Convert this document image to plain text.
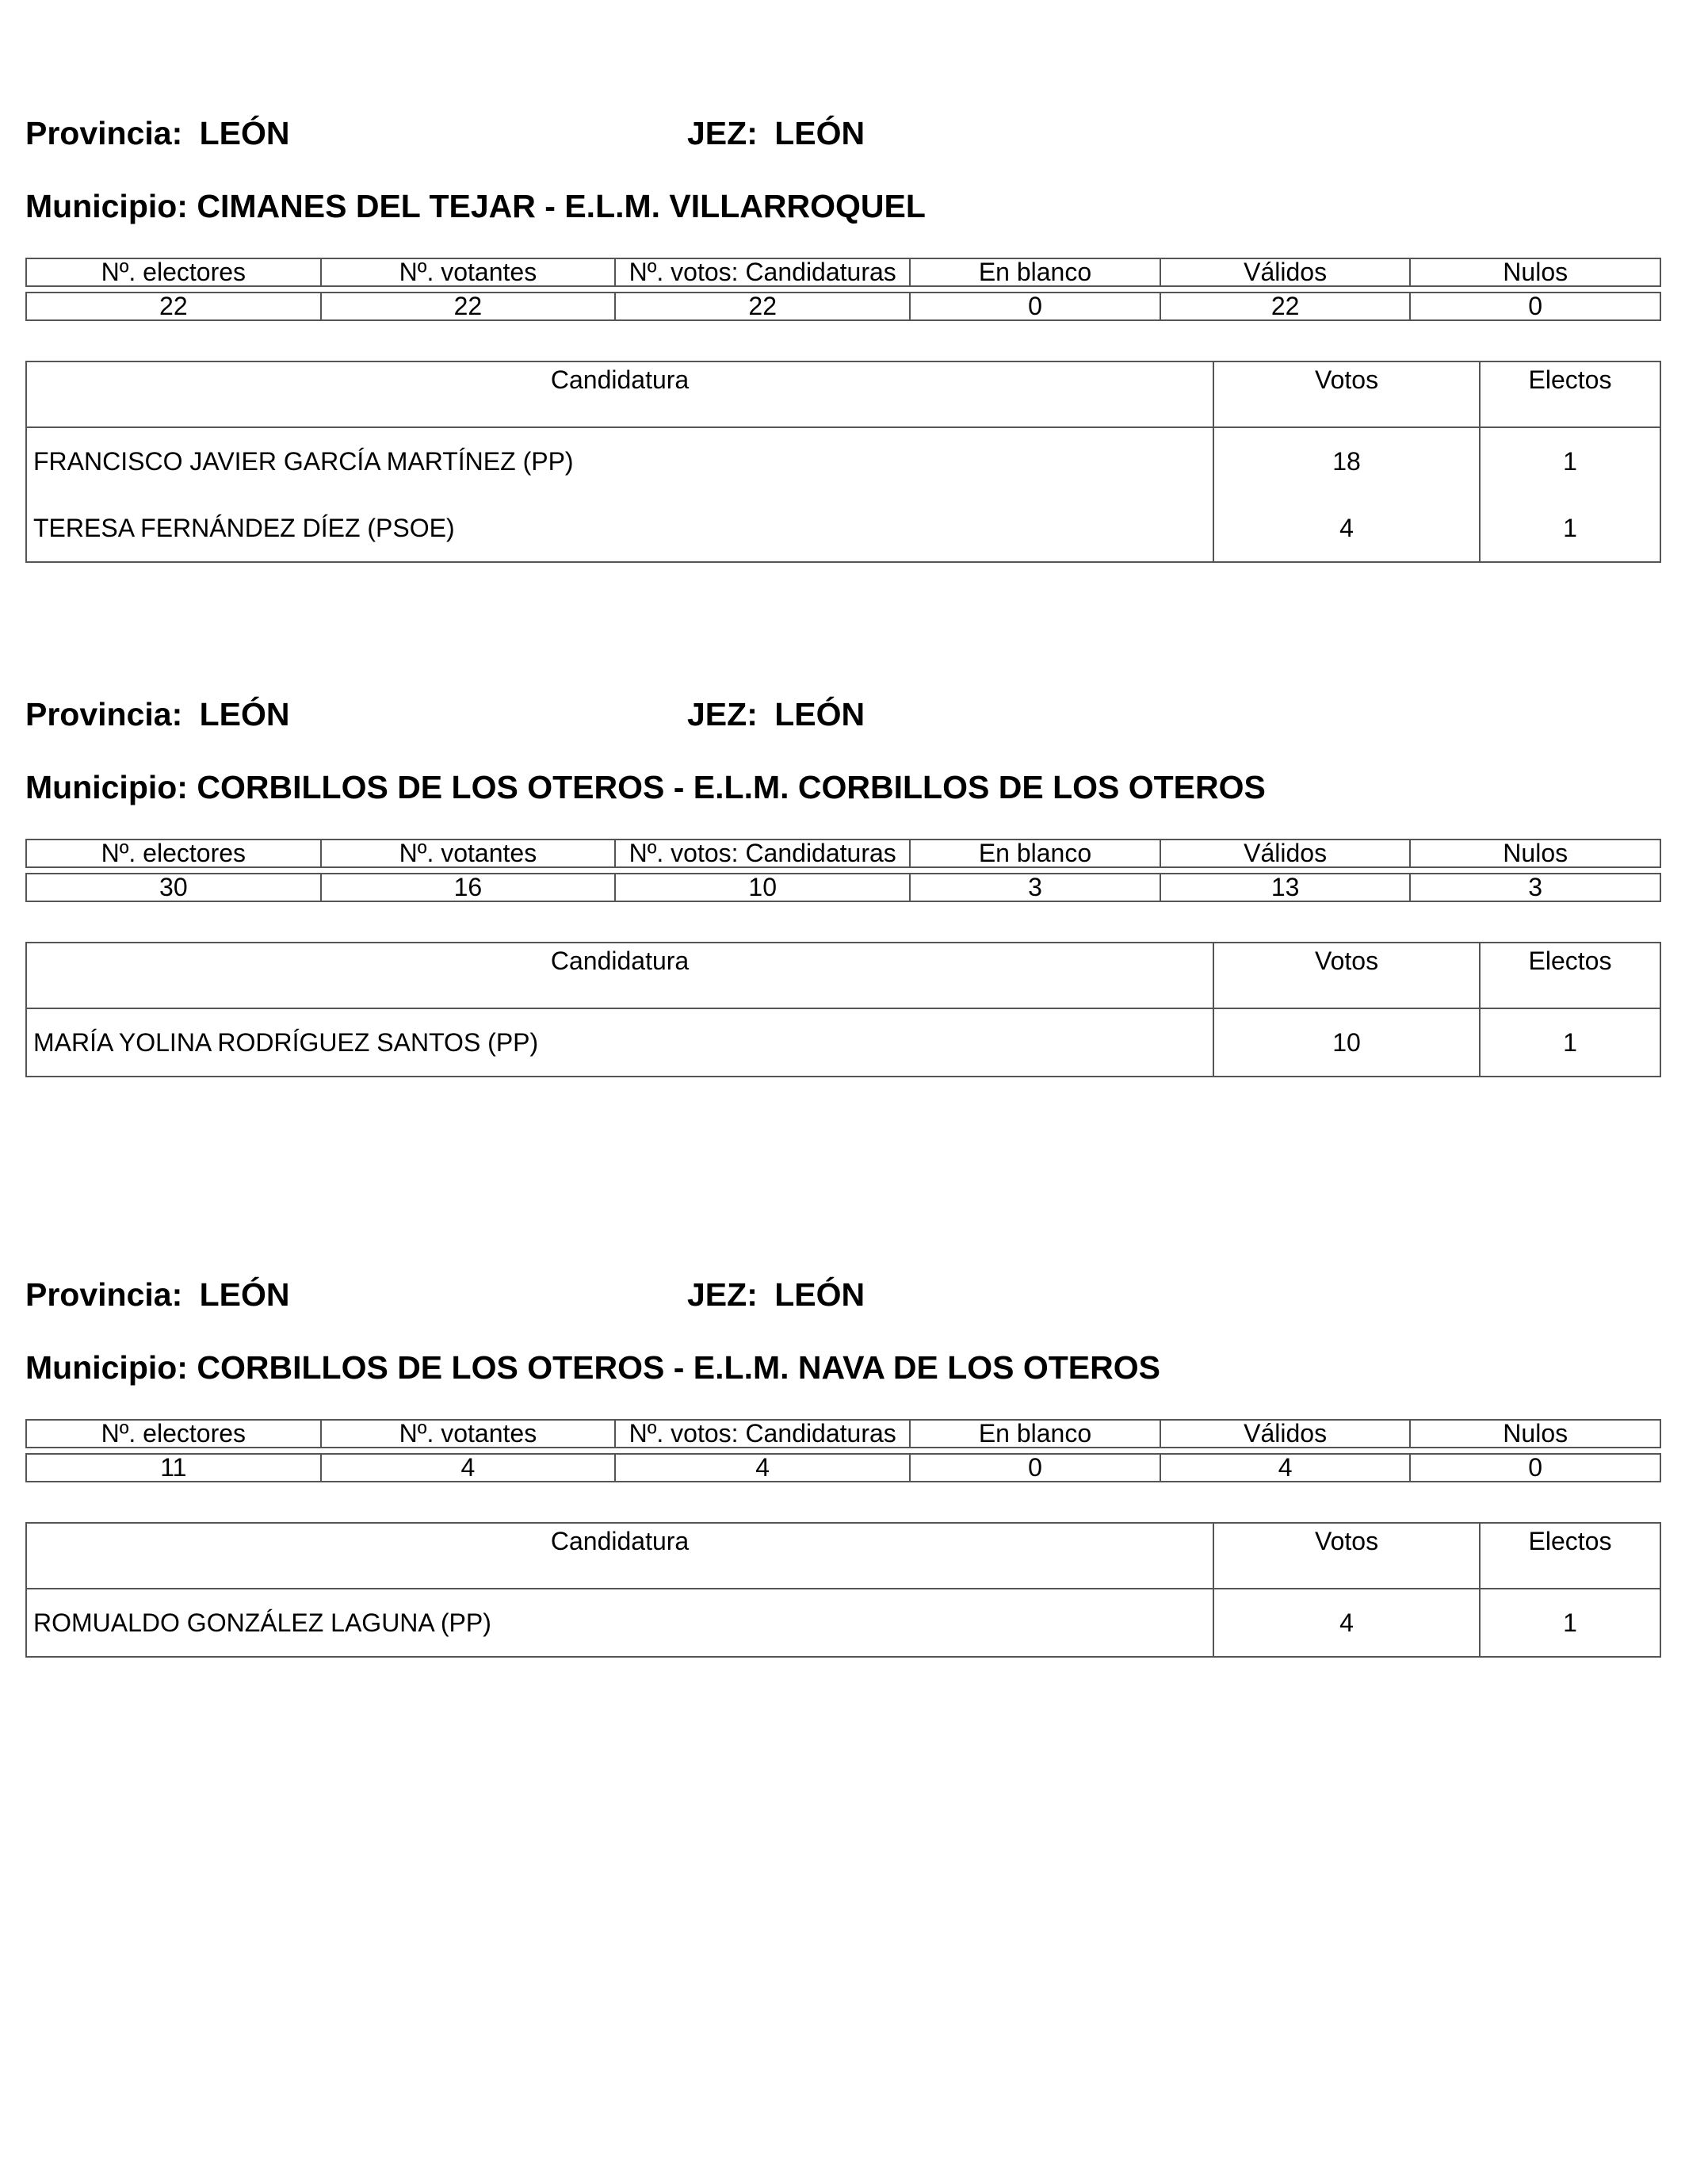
Provincia: LEÓN	JEZ: LEÓN
Municipio: CIMANES DEL TEJAR - E.L.M. VILLARROQUEL
Nº. electores	Nº. votantes	Nº. votos: Candidaturas	En blanco	Válidos	Nulos

22	22	22	0	22	0
Candidatura	Votos	Electos
FRANCISCO JAVIER GARCÍA MARTÍNEZ (PP)	18	1
TERESA FERNÁNDEZ DÍEZ (PSOE)	4	1
Provincia: LEÓN	JEZ: LEÓN
Municipio: CORBILLOS DE LOS OTEROS - E.L.M. CORBILLOS DE LOS OTEROS
Nº. electores	Nº. votantes	Nº. votos: Candidaturas	En blanco	Válidos	Nulos

30	16	10	3	13	3
Candidatura	Votos	Electos
MARÍA YOLINA RODRÍGUEZ SANTOS (PP)	10	1
Provincia: LEÓN	JEZ: LEÓN
Municipio: CORBILLOS DE LOS OTEROS - E.L.M. NAVA DE LOS OTEROS
Nº. electores	Nº. votantes	Nº. votos: Candidaturas	En blanco	Válidos	Nulos

11	4	4	0	4	0
Candidatura	Votos	Electos
ROMUALDO GONZÁLEZ LAGUNA (PP)	4	1
